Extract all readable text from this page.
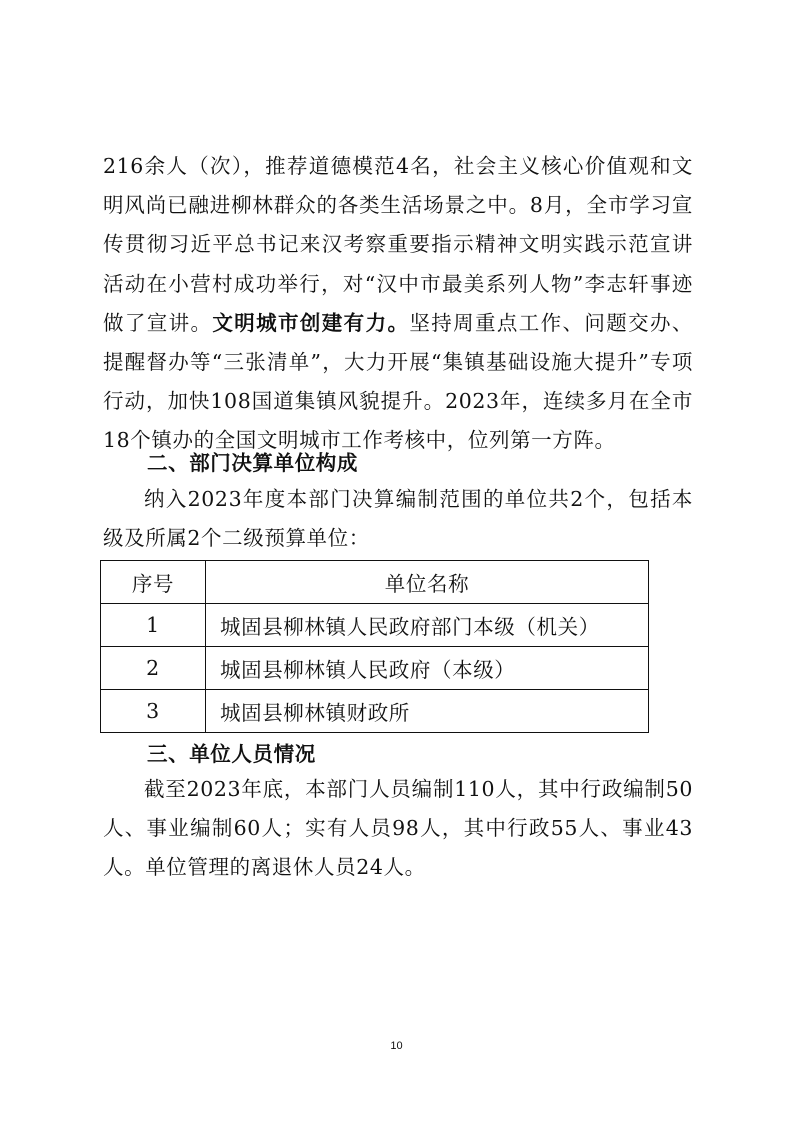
216余人（次），推荐道德模范4名，社会主义核心价值观和文明风尚已融进柳林群众的各类生活场景之中。8月，全市学习宣传贯彻习近平总书记来汉考察重要指示精神文明实践示范宣讲活动在小营村成功举行，对“汉中市最美系列人物”李志轩事迹做了宣讲。文明城市创建有力。坚持周重点工作、问题交办、提醒督办等“三张清单”，大力开展“集镇基础设施大提升”专项行动，加快108国道集镇风貌提升。2023年，连续多月在全市18个镇办的全国文明城市工作考核中，位列第一方阵。

二、部门决算单位构成

纳入2023年度本部门决算编制范围的单位共2个，包括本级及所属2个二级预算单位：

序号	单位名称
1	城固县柳林镇人民政府部门本级（机关）
2	城固县柳林镇人民政府（本级）
3	城固县柳林镇财政所
三、单位人员情况

截至2023年底，本部门人员编制110人，其中行政编制50人、事业编制60人；实有人员98人，其中行政55人、事业43人。单位管理的离退休人员24人。

10
